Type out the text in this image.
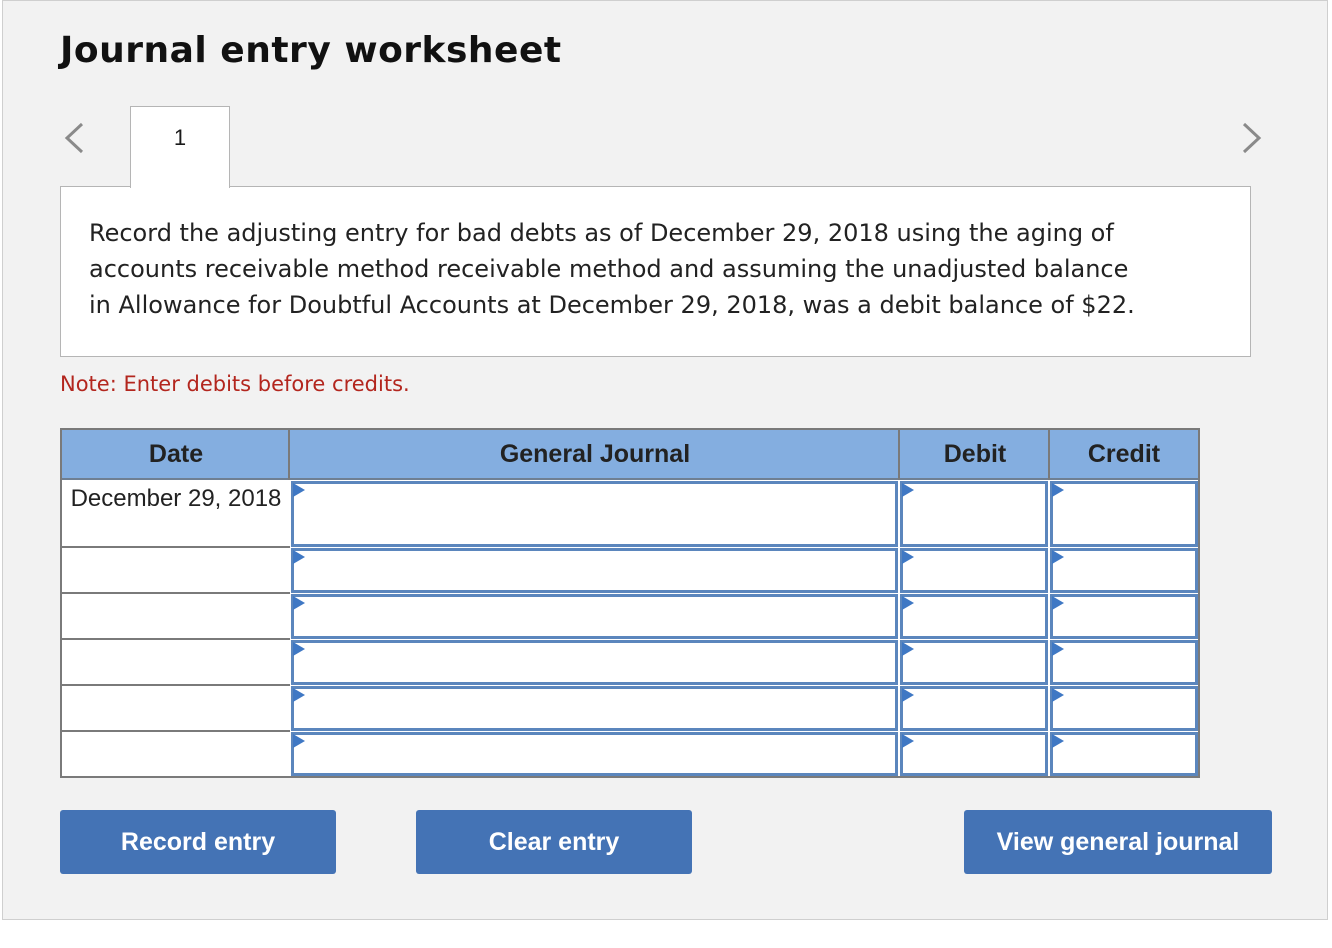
Journal entry worksheet
1
Record the adjusting entry for bad debts as of December 29, 2018 using the aging of accounts receivable method receivable method and assuming the unadjusted balance in Allowance for Doubtful Accounts at December 29, 2018, was a debit balance of $22.
Note: Enter debits before credits.
Date	General Journal	Debit	Credit
December 29, 2018
Record entry	Clear entry	View general journal
